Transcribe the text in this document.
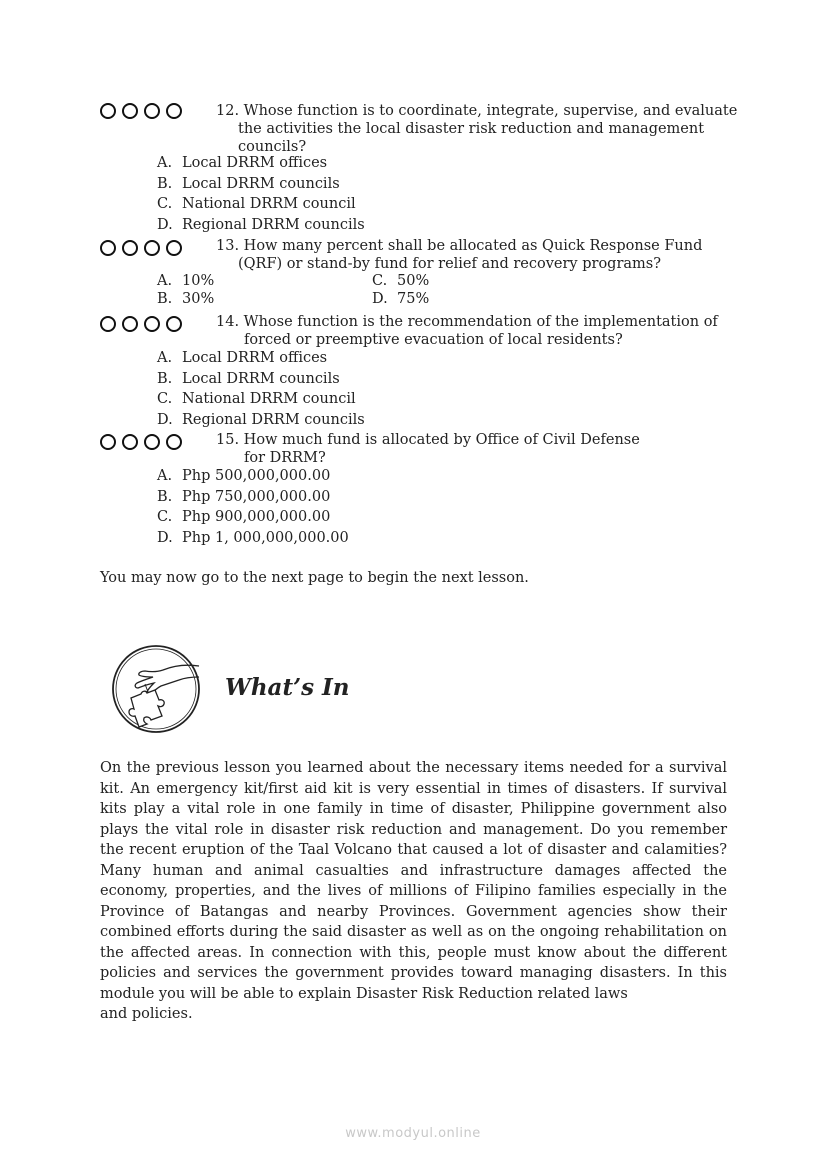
12. Whose function is to coordinate, integrate, supervise, and evaluate
the activities the local disaster risk reduction and management
councils?
A. Local DRRM offices
B. Local DRRM councils
C. National DRRM council
D. Regional DRRM councils
13. How many percent shall be allocated as Quick Response Fund
(QRF) or stand-by fund for relief and recovery programs?
A. 10%	C. 50%
B. 30%	D. 75%
14. Whose function is the recommendation of the implementation of
forced or preemptive evacuation of local residents?
A. Local DRRM offices
B. Local DRRM councils
C. National DRRM council
D. Regional DRRM councils
15. How much fund is allocated by Office of Civil Defense
for DRRM?
A. Php 500,000,000.00
B. Php 750,000,000.00
C. Php 900,000,000.00
D. Php 1, 000,000,000.00
You may now go to the next page to begin the next lesson.
What’s In
On the previous lesson you learned about the necessary items needed for a survival
kit. An emergency kit/first aid kit is very essential in times of disasters. If survival
kits play a vital role in one family in time of disaster, Philippine government also
plays the vital role in disaster risk reduction and management. Do you remember
the recent eruption of the Taal Volcano that caused a lot of disaster and calamities?
Many human and animal casualties and infrastructure damages affected the
economy, properties, and the lives of millions of Filipino families especially in the
Province of Batangas and nearby Provinces. Government agencies show their
combined efforts during the said disaster as well as on the ongoing rehabilitation on
the affected areas. In connection with this, people must know about the different
policies and services the government provides toward managing disasters. In this
module you will be able to explain Disaster Risk Reduction related laws
and policies.
www.modyul.online
